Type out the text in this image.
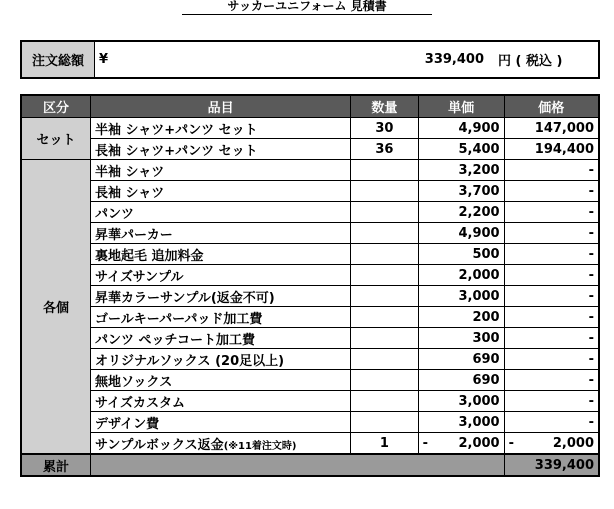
サッカーユニフォーム 見積書
注文総額	¥	339,400	円 ( 税込 )
区分	品目	数量	単価	価格
セット	半袖 シャツ+パンツ セット	30	4,900	147,000
	長袖 シャツ+パンツ セット	36	5,400	194,400
各個	半袖 シャツ		3,200	-
	長袖 シャツ		3,700	-
	パンツ		2,200	-
	昇華パーカー		4,900	-
	裏地起毛 追加料金		500	-
	サイズサンプル		2,000	-
	昇華カラーサンプル(返金不可)		3,000	-
	ゴールキーパーパッド加工費		200	-
	パンツ ペッチコート加工費		300	-
	オリジナルソックス (20足以上)		690	-
	無地ソックス		690	-
	サイズカスタム		3,000	-
	デザイン費		3,000	-
	サンプルボックス返金(※11着注文時)	1	- 2,000	- 2,000

累計				339,400
